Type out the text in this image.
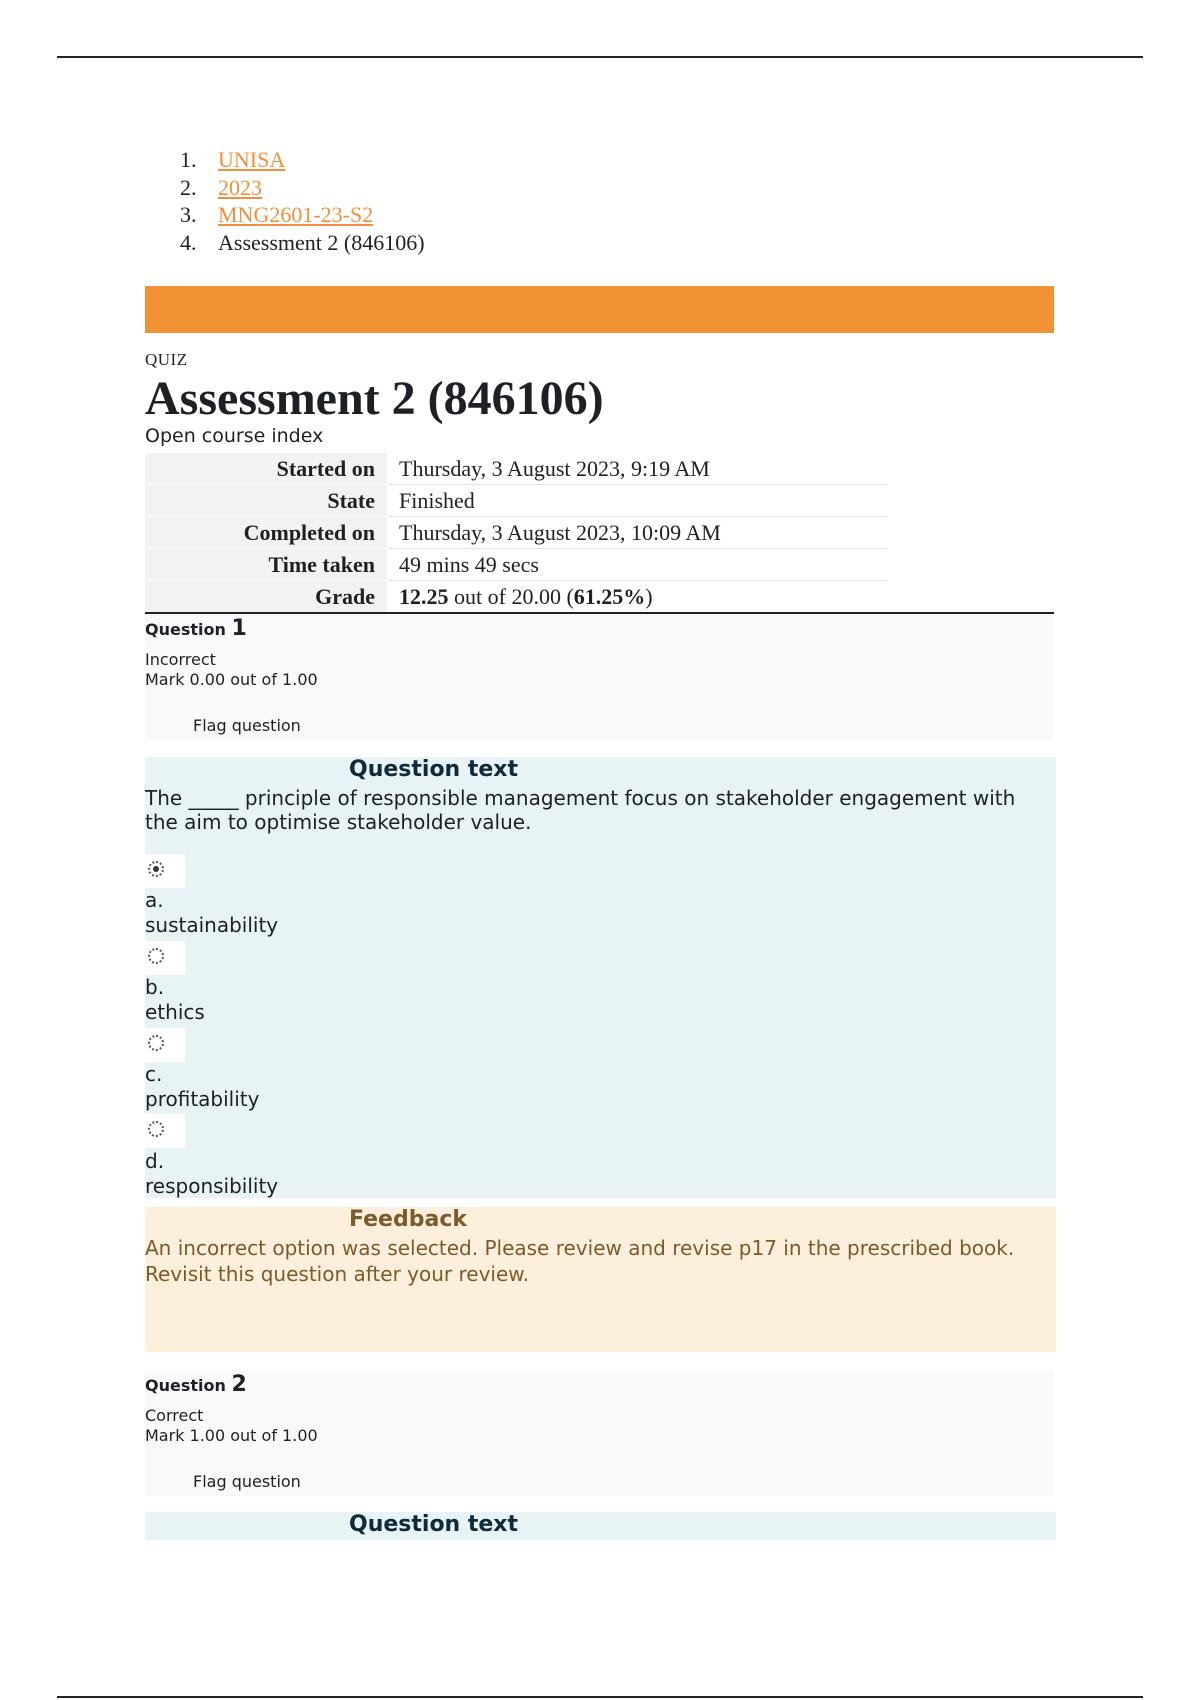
1. UNISA
2. 2023
3. MNG2601-23-S2
4. Assessment 2 (846106)
QUIZ
Assessment 2 (846106)
Open course index
Started on	Thursday, 3 August 2023, 9:19 AM
State	Finished
Completed on	Thursday, 3 August 2023, 10:09 AM
Time taken	49 mins 49 secs
Grade	12.25 out of 20.00 (61.25%)
Question 1
Incorrect
Mark 0.00 out of 1.00
Flag question
Question text
The _____ principle of responsible management focus on stakeholder engagement with the aim to optimise stakeholder value.
a.
sustainability
b.
ethics
c.
profitability
d.
responsibility
Feedback
An incorrect option was selected. Please review and revise p17 in the prescribed book. Revisit this question after your review.
Question 2
Correct
Mark 1.00 out of 1.00
Flag question
Question text
